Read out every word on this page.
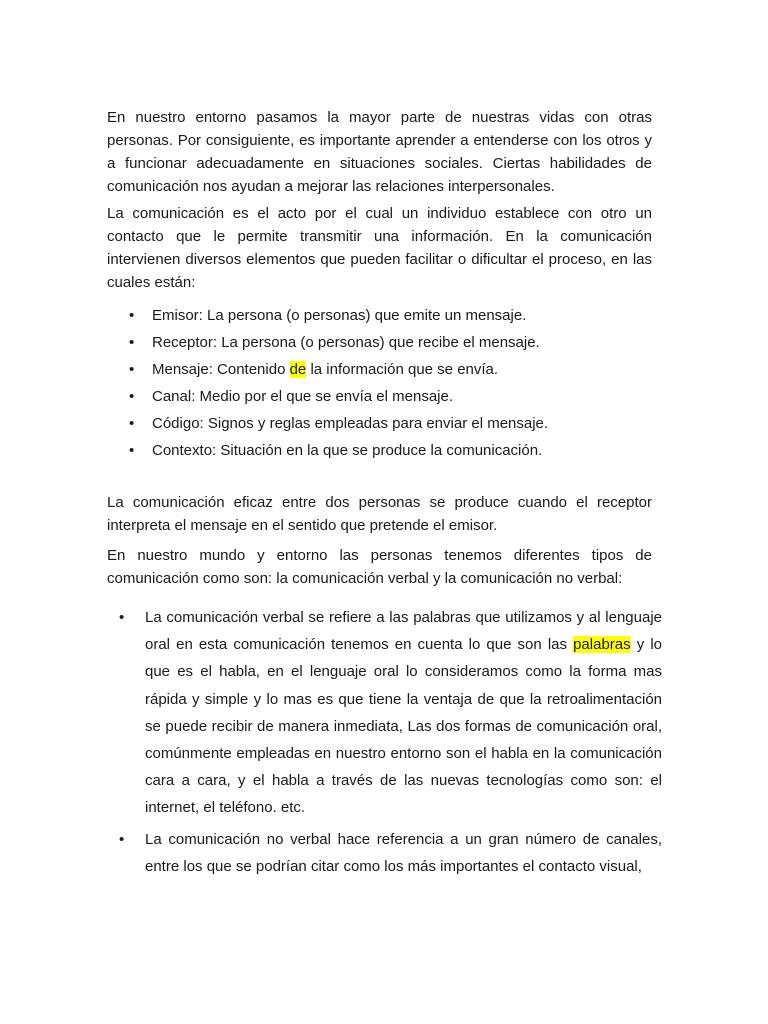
En nuestro entorno pasamos la mayor parte de nuestras vidas con otras personas. Por consiguiente, es importante aprender a entenderse con los otros y a funcionar adecuadamente en situaciones sociales. Ciertas habilidades de comunicación nos ayudan a mejorar las relaciones interpersonales.

La comunicación es el acto por el cual un individuo establece con otro un contacto que le permite transmitir una información. En la comunicación intervienen diversos elementos que pueden facilitar o dificultar el proceso, en las cuales están:

• Emisor: La persona (o personas) que emite un mensaje.
• Receptor: La persona (o personas) que recibe el mensaje.
• Mensaje: Contenido de la información que se envía.
• Canal: Medio por el que se envía el mensaje.
• Código: Signos y reglas empleadas para enviar el mensaje.
• Contexto: Situación en la que se produce la comunicación.

La comunicación eficaz entre dos personas se produce cuando el receptor interpreta el mensaje en el sentido que pretende el emisor.

En nuestro mundo y entorno las personas tenemos diferentes tipos de comunicación como son: la comunicación verbal y la comunicación no verbal:

• La comunicación verbal se refiere a las palabras que utilizamos y al lenguaje oral en esta comunicación tenemos en cuenta lo que son las palabras y lo que es el habla, en el lenguaje oral lo consideramos como la forma mas rápida y simple y lo mas es que tiene la ventaja de que la retroalimentación se puede recibir de manera inmediata, Las dos formas de comunicación oral, comúnmente empleadas en nuestro entorno son el habla en la comunicación cara a cara, y el habla a través de las nuevas tecnologías como son: el internet, el teléfono. etc.
• La comunicación no verbal hace referencia a un gran número de canales, entre los que se podrían citar como los más importantes el contacto visual,
